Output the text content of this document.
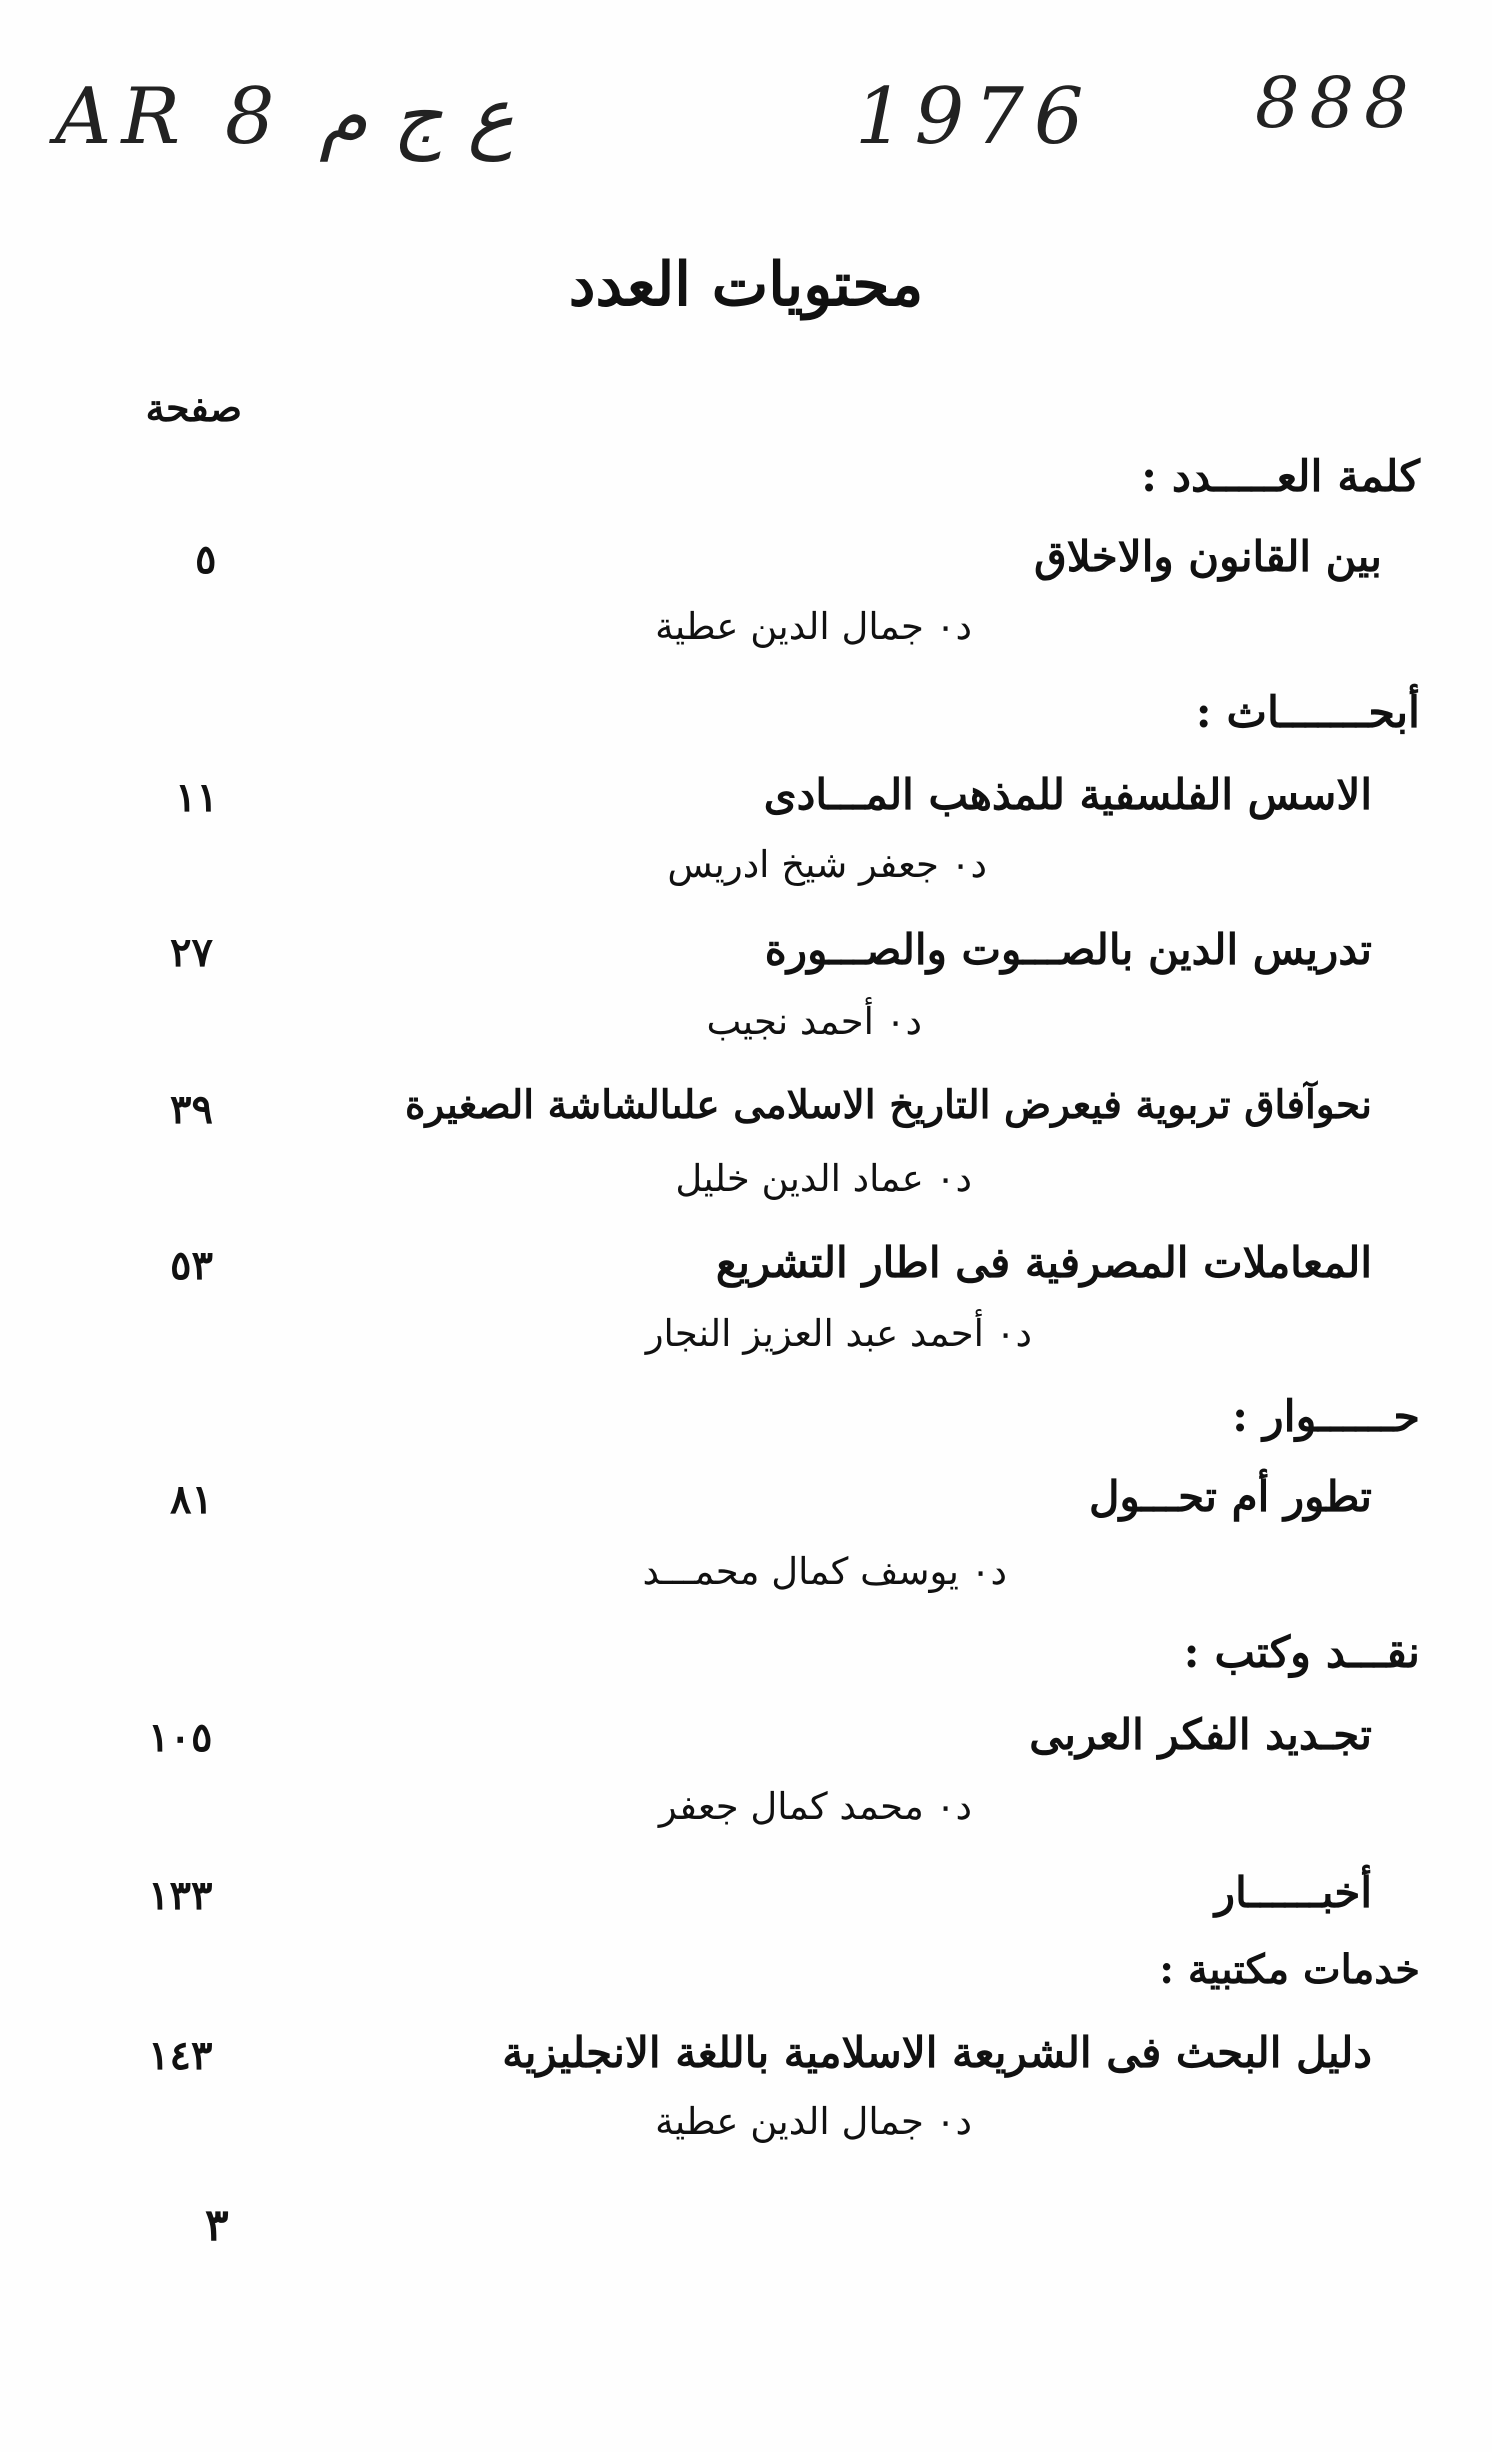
AR 8 ع ج م	1976 888
محتويات العدد
صفحة
كلمة العـــــدد :
بين القانون والاخلاق
٥
د٠ جمال الدين عطية
أبحـــــــاث :
الاسس الفلسفية للمذهب المـــادى
١١
د٠ جعفر شيخ ادريس
تدريس الدين بالصـــوت والصـــورة
٢٧
د٠ أحمد نجيب
نحوآفاق تربوية فيعرض التاريخ الاسلامى علىالشاشة الصغيرة
٣٩
د٠ عماد الدين خليل
المعاملات المصرفية فى اطار التشريع
٥٣
د٠ أحمد عبد العزيز النجار
حــــــوار :
تطور أم تحـــول
٨١
د٠ يوسف كمال محمـــد
نقـــد وكتب :
تجـديد الفكر العربى
١٠٥
د٠ محمد كمال جعفر
أخبــــــار
١٣٣
خدمات مكتبية :
دليل البحث فى الشريعة الاسلامية باللغة الانجليزية
١٤٣
د٠ جمال الدين عطية
٣
